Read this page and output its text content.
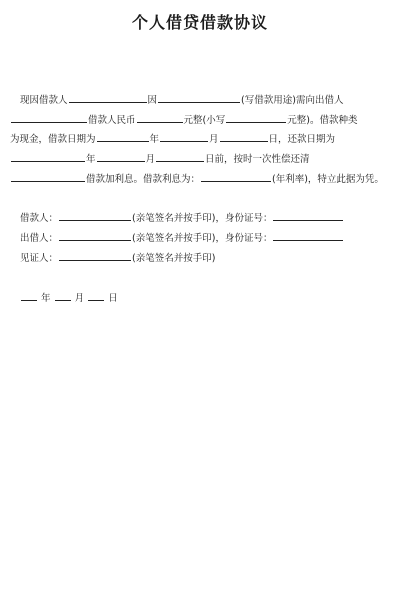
个人借贷借款协议
现因借款人	因	(写借款用途)需向出借人
借款人民币	元整(小写	元整)。借款种类
为现金，借款日期为	年	月	日，还款日期为
年	月	日前，按时一次性偿还清
借款加利息。借款利息为：	(年利率)，特立此据为凭。
借款人：	(亲笔签名并按手印)，身份证号：
出借人：	(亲笔签名并按手印)，身份证号：
见证人：	(亲笔签名并按手印)
年	月	日
